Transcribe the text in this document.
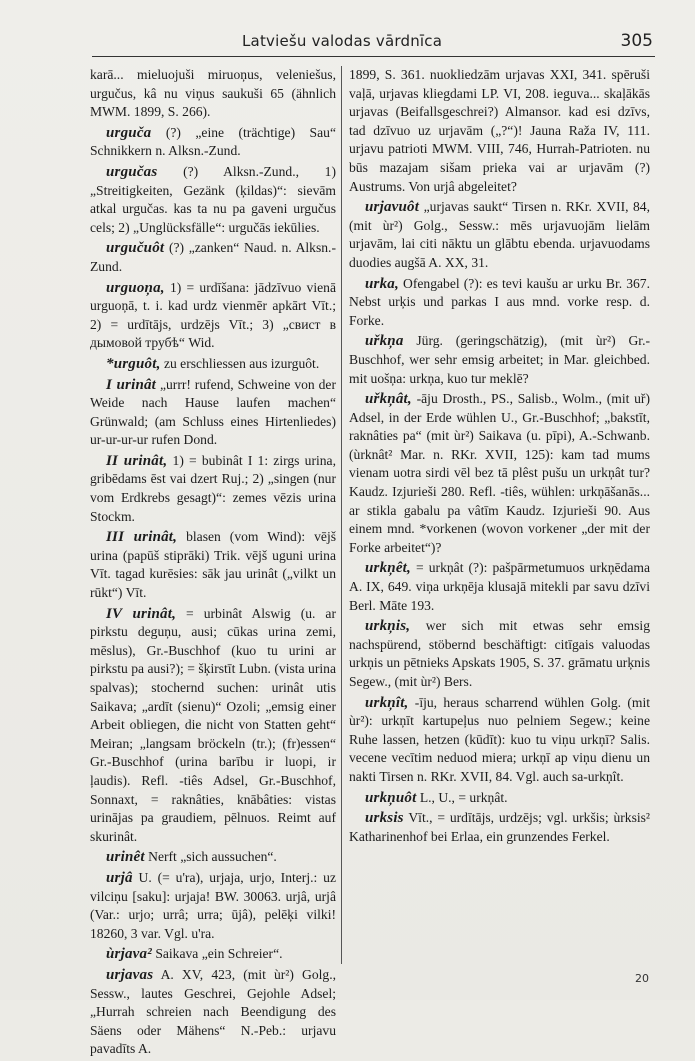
Latviešu valodas vārdnīca	305

karā... mieluojuši miruoņus, veleniešus, urgučus, kâ nu viņus saukuši 65 (ähnlich MWM. 1899, S. 266).

urguča (?) „eine (trächtige) Sau“ Schnikkern n. Alksn.-Zund.

urgučas (?) Alksn.-Zund., 1) „Streitigkeiten, Gezänk (ķildas)“: sievām atkal urgučas. kas ta nu pa gaveni urgučus cels; 2) „Unglücksfälle“: urgučās iekūlies.

urgučuôt (?) „zanken“ Naud. n. Alksn.-Zund.

urguoņa, 1) = urdīšana: jādzīvuo vienā urguoņā, t. i. kad urdz vienmēr apkārt Vīt.; 2) = urdītājs, urdzējs Vīt.; 3) „свист в дымовой трубѣ“ Wid.

*urguôt, zu erschliessen aus izurguôt.

I urinât „urrr! rufend, Schweine von der Weide nach Hause laufen machen“ Grünwald; (am Schluss eines Hirtenliedes) ur-ur-ur-ur rufen Dond.

II urinât, 1) = bubinât I 1: zirgs urina, gribēdams ēst vai dzert Ruj.; 2) „singen (nur vom Erdkrebs gesagt)“: zemes vēzis urina Stockm.

III urinât, blasen (vom Wind): vējš urina (papūš stiprāki) Trik. vējš uguni urina Vīt. tagad kurēsies: sāk jau urinât („vilkt un rūkt“) Vīt.

IV urinât, = urbinât Alswig (u. ar pirkstu deguņu, ausi; cūkas urina zemi, mēslus), Gr.-Buschhof (kuo tu urini ar pirkstu pa ausi?); = šķirstīt Lubn. (vista urina spalvas); stochernd suchen: urinât utis Saikava; „ardīt (sienu)“ Ozoli; „emsig einer Arbeit obliegen, die nicht von Statten geht“ Meiran; „langsam bröckeln (tr.); (fr)essen“ Gr.-Buschhof (urina barību ir luopi, ir ļaudis). Refl. -tiês Adsel, Gr.-Buschhof, Sonnaxt, = raknâties, knābâties: vistas urinājas pa graudiem, pēlnuos. Reimt auf skurinât.

urinêt Nerft „sich aussuchen“.

urjâ U. (= u'ra), urjaja, urjo, Interj.: uz vilciņu [saku]: urjaja! BW. 30063. urjâ, urjâ (Var.: urjo; urrâ; urra; ūjâ), pelēķi vilki! 18260, 3 var. Vgl. u'ra.

ùrjava² Saikava „ein Schreier“.

urjavas A. XV, 423, (mit ùr²) Golg., Sessw., lautes Geschrei, Gejohle Adsel; „Hurrah schreien nach Beendigung des Säens oder Mähens“ N.-Peb.: urjavu pavadīts A.

1899, S. 361. nuokliedzām urjavas XXI, 341. spēruši vaļā, urjavas kliegdami LP. VI, 208. ieguva... skaļākās urjavas (Beifallsgeschrei?) Almansor. kad esi dzīvs, tad dzīvuo uz urjavām („?“)! Jauna Raža IV, 111. urjavu patrioti MWM. VIII, 746, Hurrah-Patrioten. nu būs mazajam sišam prieka vai ar urjavām (?) Austrums. Von urjâ abgeleitet?

urjavuôt „urjavas saukt“ Tirsen n. RKr. XVII, 84, (mit ùr²) Golg., Sessw.: mēs urjavuojām lielām urjavām, lai citi nāktu un glābtu ebenda. urjavuodams duodies augšā A. XX, 31.

urka, Ofengabel (?): es tevi kaušu ar urku Br. 367. Nebst urķis und parkas I aus mnd. vorke resp. d. Forke.

uřkņa Jürg. (geringschätzig), (mit ùr²) Gr.-Buschhof, wer sehr emsig arbeitet; in Mar. gleichbed. mit uošņa: urkņa, kuo tur meklē?

uřkņât, -āju Drosth., PS., Salisb., Wolm., (mit uř) Adsel, in der Erde wühlen U., Gr.-Buschhof; „bakstīt, raknâties pa“ (mit ùr²) Saikava (u. pīpi), A.-Schwanb. (ùrknât² Mar. n. RKr. XVII, 125): kam tad mums vienam uotra sirdi vēl bez tā plêst pušu un urkņât tur? Kaudz. Izjurieši 280. Refl. -tiês, wühlen: urkņāšanās... ar stikla gabalu pa vâtīm Kaudz. Izjurieši 90. Aus einem mnd. *vorkenen (wovon vorkener „der mit der Forke arbeitet“)?

urkņêt, = urkņât (?): pašpārmetumuos urkņēdama A. IX, 649. viņa urkņēja klusajā mitekli par savu dzīvi Berl. Māte 193.

urkņis, wer sich mit etwas sehr emsig nachspürend, stöbernd beschäftigt: citīgais valuodas urkņis un pētnieks Apskats 1905, S. 37. grāmatu urķnis Segew., (mit ùr²) Bers.

urkņît, -īju, heraus scharrend wühlen Golg. (mit ùr²): urkņīt kartupeļus nuo pelniem Segew.; keine Ruhe lassen, hetzen (kūdīt): kuo tu viņu urkņī? Salis. vecene vecītim neduod miera; urkņī ap viņu dienu un nakti Tirsen n. RKr. XVII, 84. Vgl. auch sa-urkņît.

urkņuôt L., U., = urkņât.

urksis Vīt., = urdītājs, urdzējs; vgl. urkšis; ùrksis² Katharinenhof bei Erlaa, ein grunzendes Ferkel.

20
